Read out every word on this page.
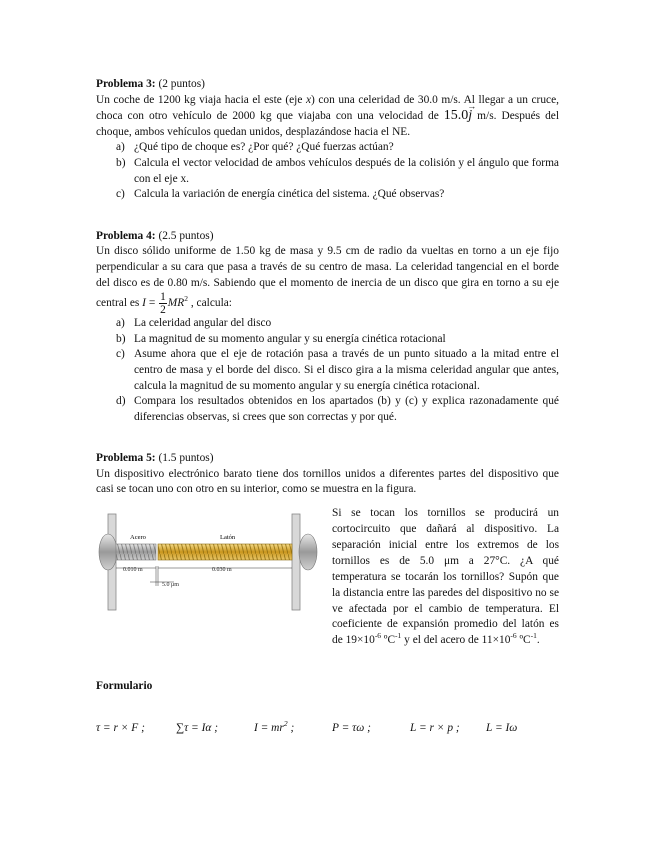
Problema 3: (2 puntos)
Un coche de 1200 kg viaja hacia el este (eje x) con una celeridad de 30.0 m/s. Al llegar a un cruce, choca con otro vehículo de 2000 kg que viajaba con una velocidad de 15.0→ j m/s. Después del choque, ambos vehículos quedan unidos, desplazándose hacia el NE.
a) ¿Qué tipo de choque es? ¿Por qué? ¿Qué fuerzas actúan?
b) Calcula el vector velocidad de ambos vehículos después de la colisión y el ángulo que forma con el eje x.
c) Calcula la variación de energía cinética del sistema. ¿Qué observas?
Problema 4: (2.5 puntos)
Un disco sólido uniforme de 1.50 kg de masa y 9.5 cm de radio da vueltas en torno a un eje fijo perpendicular a su cara que pasa a través de su centro de masa. La celeridad tangencial en el borde del disco es de 0.80 m/s. Sabiendo que el momento de inercia de un disco que gira en torno a su eje central es $I = \frac{1}{2} MR^2$ , calcula:
a) La celeridad angular del disco
b) La magnitud de su momento angular y su energía cinética rotacional
c) Asume ahora que el eje de rotación pasa a través de un punto situado a la mitad entre el centro de masa y el borde del disco. Si el disco gira a la misma celeridad angular que antes, calcula la magnitud de su momento angular y su energía cinética rotacional.
d) Compara los resultados obtenidos en los apartados (b) y (c) y explica razonadamente qué diferencias observas, si crees que son correctas y por qué.
Problema 5: (1.5 puntos)
Un dispositivo electrónico barato tiene dos tornillos unidos a diferentes partes del dispositivo que casi se tocan uno con otro en su interior, como se muestra en la figura.
Acero	Latón
0.010 m	0.030 m
5.0 μm
Si se tocan los tornillos se producirá un cortocircuito que dañará al dispositivo. La separación inicial entre los extremos de los tornillos es de 5.0 μm a 27°C. ¿A qué temperatura se tocarán los tornillos? Supón que la distancia entre las paredes del dispositivo no se ve afectada por el cambio de temperatura. El coeficiente de expansión promedio del latón es de $19\times 10^{-6}$ ºC$^{-1}$ y el del acero de $11\times 10^{-6}$ ºC$^{-1}$.
Formulario
τ = r × F ;	∑τ = Iα ;	$I = mr^2$ ;	P = τω ;	L = r × p ;	L = Iω
